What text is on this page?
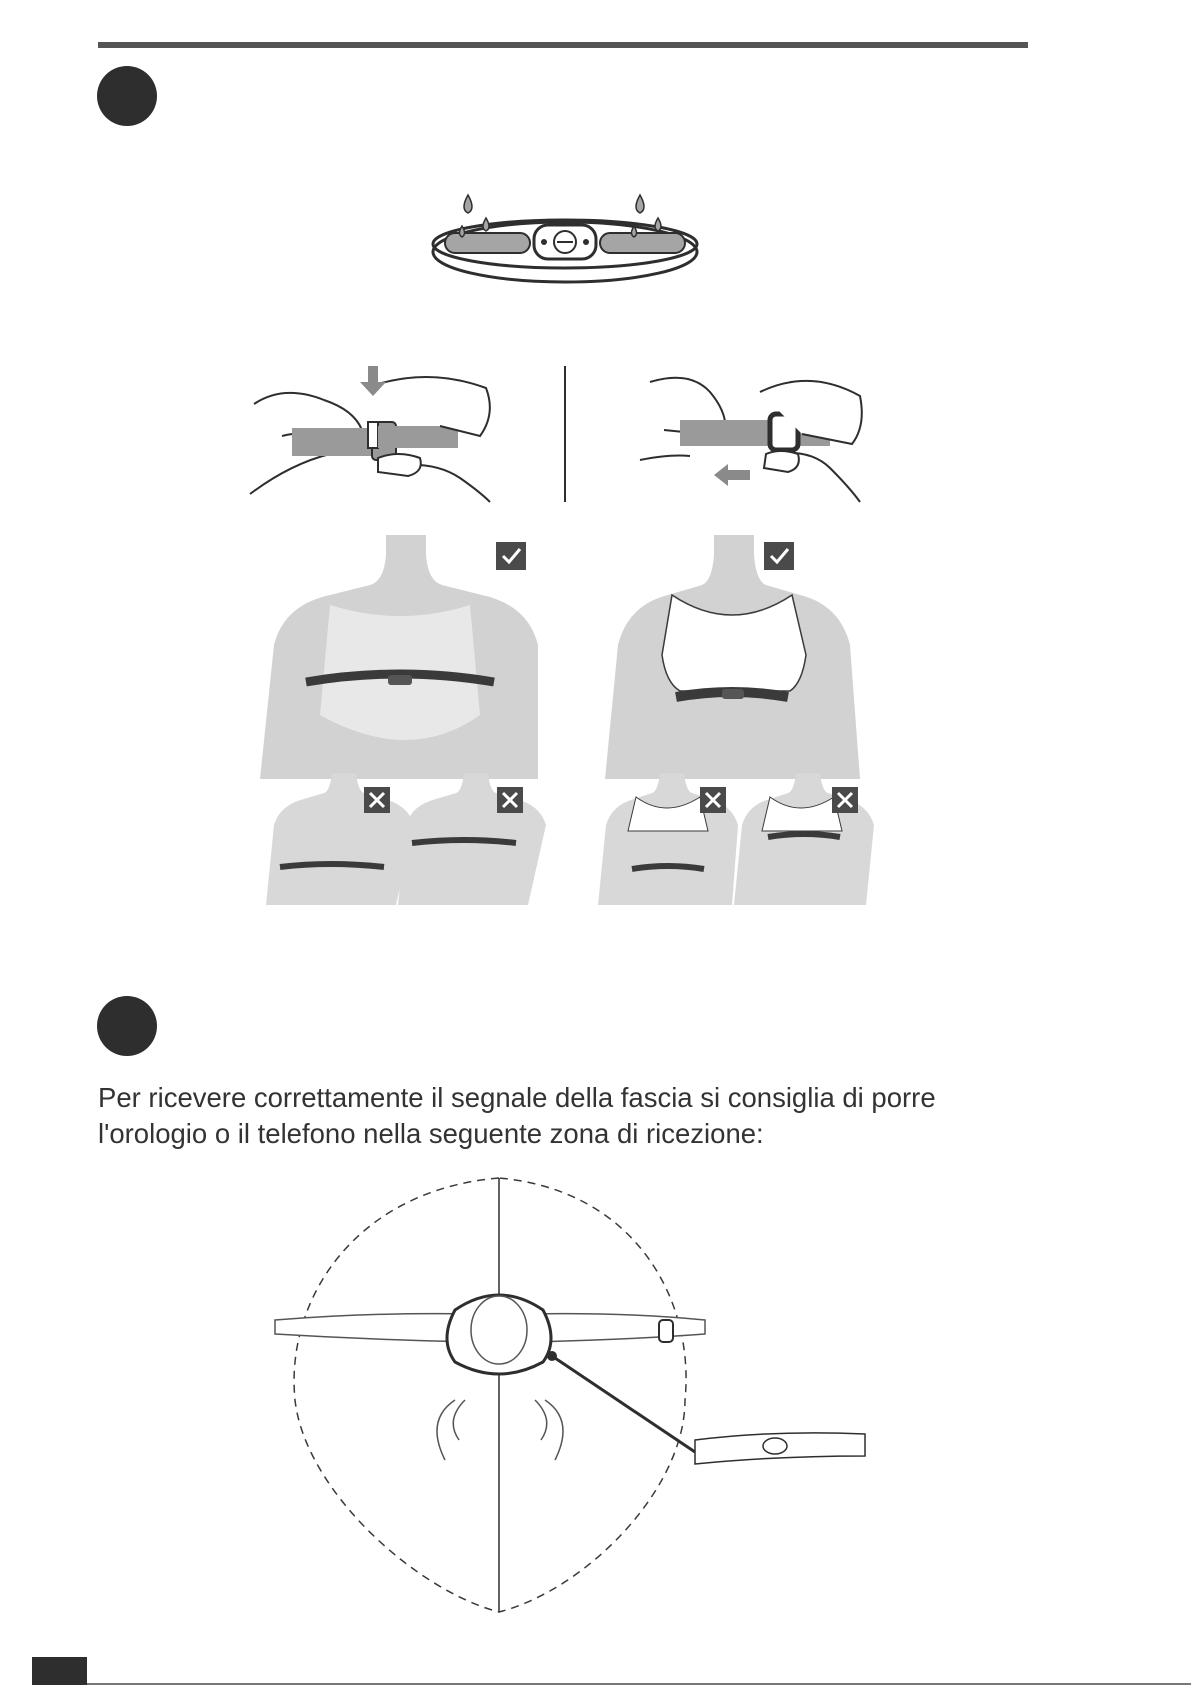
Per ricevere correttamente il segnale della fascia si consiglia di porre
l'orologio o il telefono nella seguente zona di ricezione:
